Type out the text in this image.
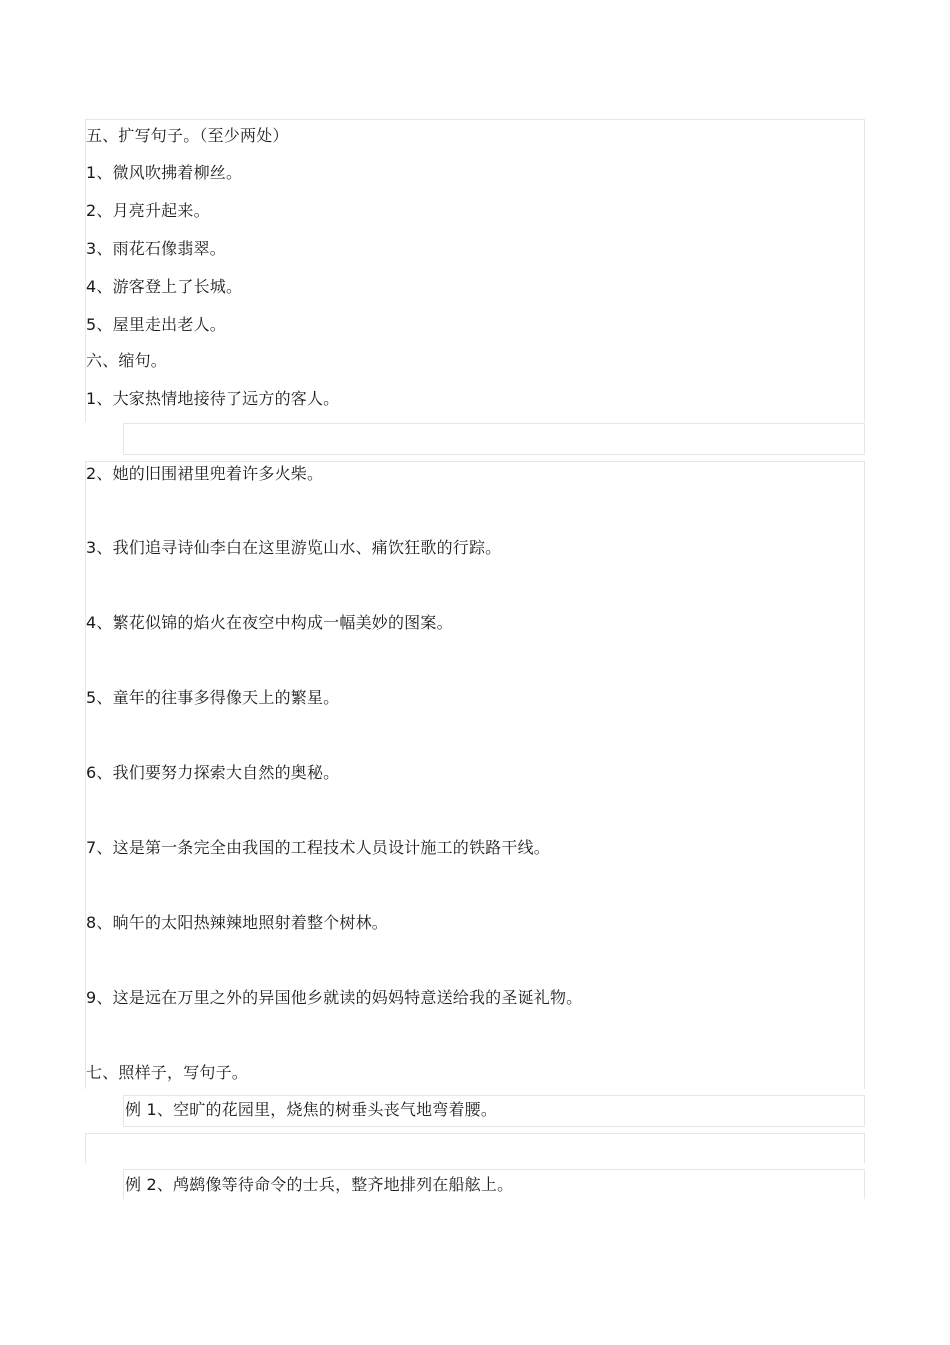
五、扩写句子。（至少两处）
1、微风吹拂着柳丝。
2、月亮升起来。
3、雨花石像翡翠。
4、游客登上了长城。
5、屋里走出老人。
六、缩句。
1、大家热情地接待了远方的客人。
2、她的旧围裙里兜着许多火柴。
3、我们追寻诗仙李白在这里游览山水、痛饮狂歌的行踪。
4、繁花似锦的焰火在夜空中构成一幅美妙的图案。
5、童年的往事多得像天上的繁星。
6、我们要努力探索大自然的奥秘。
7、这是第一条完全由我国的工程技术人员设计施工的铁路干线。
8、晌午的太阳热辣辣地照射着整个树林。
9、这是远在万里之外的异国他乡就读的妈妈特意送给我的圣诞礼物。
七、照样子，写句子。
例 1、空旷的花园里，烧焦的树垂头丧气地弯着腰。
例 2、鸬鹚像等待命令的士兵，整齐地排列在船舷上。
